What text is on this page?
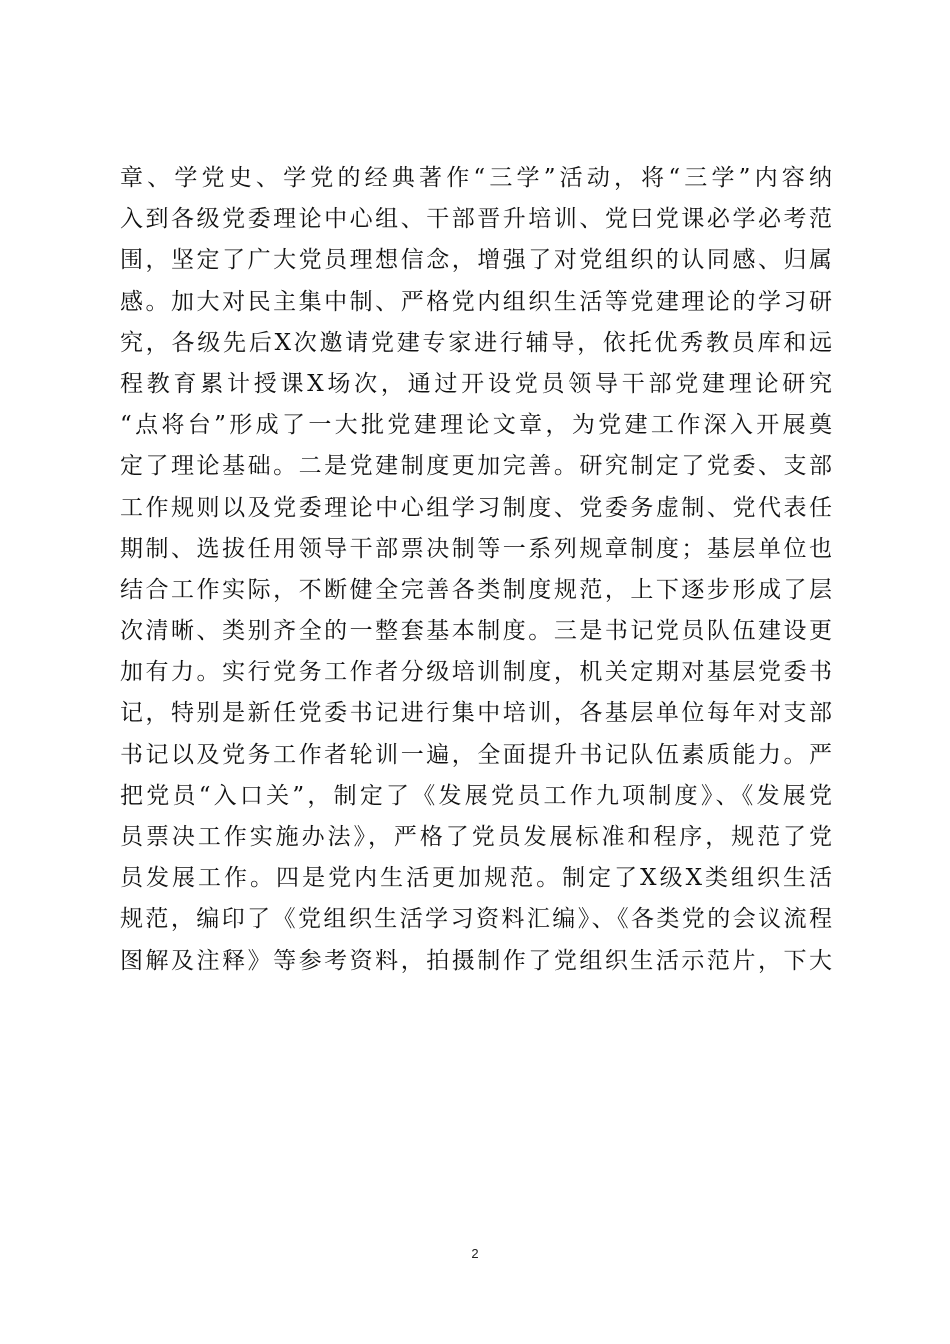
章、学党史、学党的经典著作“三学”活动，将“三学”内容纳
入到各级党委理论中心组、干部晋升培训、党曰党课必学必考范
围，坚定了广大党员理想信念，增强了对党组织的认同感、归属
感。加大对民主集中制、严格党内组织生活等党建理论的学习研
究，各级先后X次邀请党建专家进行辅导，依托优秀教员库和远
程教育累计授课X场次，通过开设党员领导干部党建理论研究
“点将台”形成了一大批党建理论文章，为党建工作深入开展奠
定了理论基础。二是党建制度更加完善。研究制定了党委、支部
工作规则以及党委理论中心组学习制度、党委务虚制、党代表任
期制、选拔任用领导干部票决制等一系列规章制度；基层单位也
结合工作实际，不断健全完善各类制度规范，上下逐步形成了层
次清晰、类别齐全的一整套基本制度。三是书记党员队伍建设更
加有力。实行党务工作者分级培训制度，机关定期对基层党委书
记，特别是新任党委书记进行集中培训，各基层单位每年对支部
书记以及党务工作者轮训一遍，全面提升书记队伍素质能力。严
把党员“入口关”，制定了《发展党员工作九项制度》、《发展党
员票决工作实施办法》，严格了党员发展标准和程序，规范了党
员发展工作。四是党内生活更加规范。制定了X级X类组织生活
规范，编印了《党组织生活学习资料汇编》、《各类党的会议流程
图解及注释》等参考资料，拍摄制作了党组织生活示范片，下大
2
